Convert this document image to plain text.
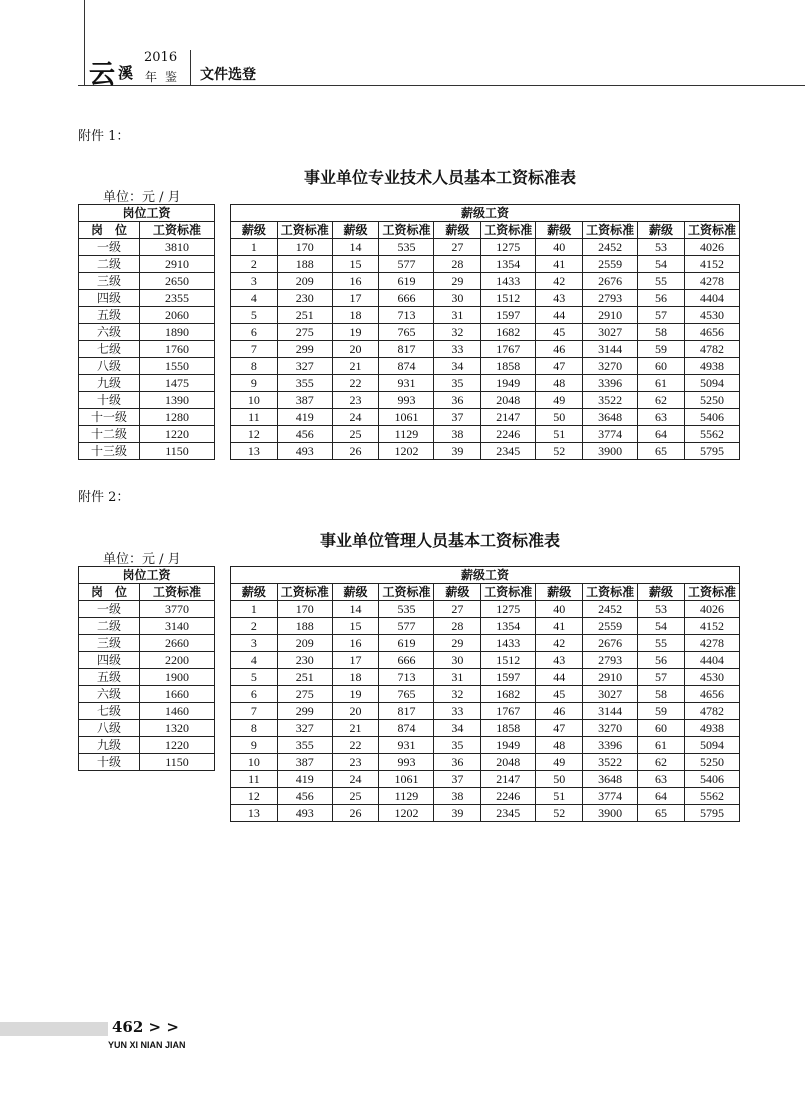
云 溪
2016
年鉴 文件选登
附件 1：
事业单位专业技术人员基本工资标准表
单位：元 / 月
岗位工资	
岗　位	工资标准
一级	3810
二级	2910
三级	2650
四级	2355
五级	2060
六级	1890
七级	1760
八级	1550
九级	1475
十级	1390
十一级	1280
十二级	1220
十三级	1150
薪级工资									
薪级	工资标准	薪级	工资标准	薪级	工资标准	薪级	工资标准	薪级	工资标准
1	170	14	535	27	1275	40	2452	53	4026
2	188	15	577	28	1354	41	2559	54	4152
3	209	16	619	29	1433	42	2676	55	4278
4	230	17	666	30	1512	43	2793	56	4404
5	251	18	713	31	1597	44	2910	57	4530
6	275	19	765	32	1682	45	3027	58	4656
7	299	20	817	33	1767	46	3144	59	4782
8	327	21	874	34	1858	47	3270	60	4938
9	355	22	931	35	1949	48	3396	61	5094
10	387	23	993	36	2048	49	3522	62	5250
11	419	24	1061	37	2147	50	3648	63	5406
12	456	25	1129	38	2246	51	3774	64	5562
13	493	26	1202	39	2345	52	3900	65	5795
附件 2：
事业单位管理人员基本工资标准表
单位：元 / 月
岗位工资	
岗　位	工资标准
一级	3770
二级	3140
三级	2660
四级	2200
五级	1900
六级	1660
七级	1460
八级	1320
九级	1220
十级	1150
薪级工资									
薪级	工资标准	薪级	工资标准	薪级	工资标准	薪级	工资标准	薪级	工资标准
1	170	14	535	27	1275	40	2452	53	4026
2	188	15	577	28	1354	41	2559	54	4152
3	209	16	619	29	1433	42	2676	55	4278
4	230	17	666	30	1512	43	2793	56	4404
5	251	18	713	31	1597	44	2910	57	4530
6	275	19	765	32	1682	45	3027	58	4656
7	299	20	817	33	1767	46	3144	59	4782
8	327	21	874	34	1858	47	3270	60	4938
9	355	22	931	35	1949	48	3396	61	5094
10	387	23	993	36	2048	49	3522	62	5250
11	419	24	1061	37	2147	50	3648	63	5406
12	456	25	1129	38	2246	51	3774	64	5562
13	493	26	1202	39	2345	52	3900	65	5795
462 > >
YUN XI NIAN JIAN
